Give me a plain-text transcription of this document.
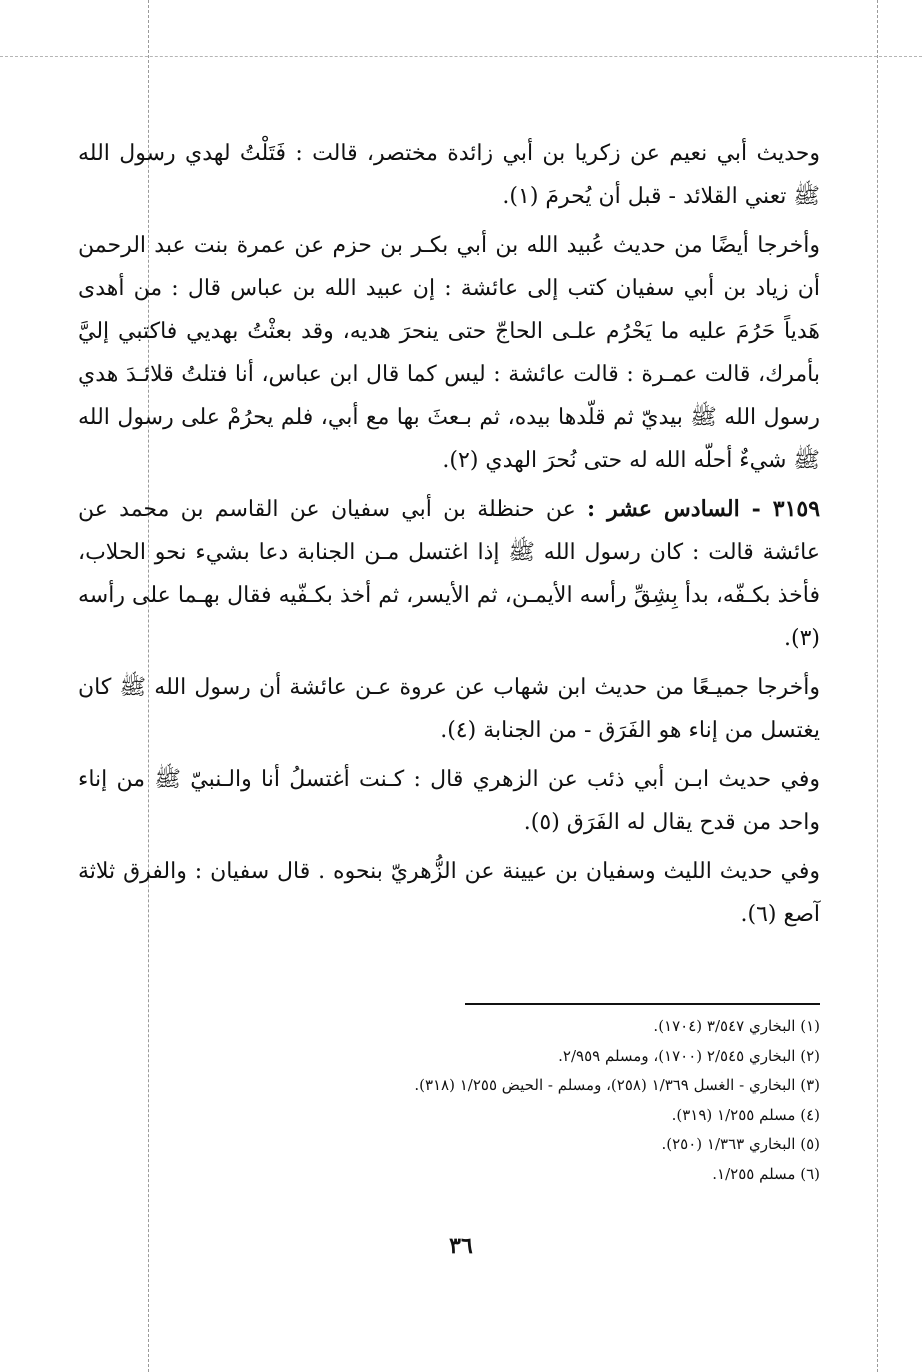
وحديث أبي نعيم عن زكريا بن أبي زائدة مختصر، قالت : فَتَلْتُ لهدي رسول الله ﷺ تعني القلائد - قبل أن يُحرمَ (١).

وأخرجا أيضًا من حديث عُبيد الله بن أبي بكـر بن حزم عن عمرة بنت عبد الرحمن أن زياد بن أبي سفيان كتب إلى عائشة : إن عبيد الله بن عباس قال : من أهدى هَدياً حَرُمَ عليه ما يَحْرُم علـى الحاجّ حتى ينحرَ هديه، وقد بعثْتُ بهديي فاكتبي إليَّ بأمرك، قالت عمـرة : قالت عائشة : ليس كما قال ابن عباس، أنا فتلتُ قلائـدَ هدي رسول الله ﷺ بيديّ ثم قلّدها بيده، ثم بـعثَ بها مع أبي، فلم يحرُمْ على رسول الله ﷺ شيءٌ أحلّه الله له حتى نُحرَ الهدي (٢).

٣١٥٩ - السادس عشر : عن حنظلة بن أبي سفيان عن القاسم بن محمد عن عائشة قالت : كان رسول الله ﷺ إذا اغتسل مـن الجنابة دعا بشيء نحو الحلاب، فأخذ بكـفّه، بدأ بِشِقِّ رأسه الأيمـن، ثم الأيسر، ثم أخذ بكـفّيه فقال بهـما على رأسه (٣).

وأخرجا جميـعًا من حديث ابن شهاب عن عروة عـن عائشة أن رسول الله ﷺ كان يغتسل من إناء هو الفَرَق - من الجنابة (٤).

وفي حديث ابـن أبي ذئب عن الزهري قال : كـنت أغتسلُ أنا والـنبيّ ﷺ من إناء واحد من قدح يقال له الفَرَق (٥).

وفي حديث الليث وسفيان بن عيينة عن الزُّهريّ بنحوه . قال سفيان : والفرق ثلاثة آصع (٦).

(١) البخاري ٣/٥٤٧ (١٧٠٤).

(٢) البخاري ٢/٥٤٥ (١٧٠٠)، ومسلم ٢/٩٥٩.

(٣) البخاري - الغسل ١/٣٦٩ (٢٥٨)، ومسلم - الحيض ١/٢٥٥ (٣١٨).

(٤) مسلم ١/٢٥٥ (٣١٩).

(٥) البخاري ١/٣٦٣ (٢٥٠).

(٦) مسلم ١/٢٥٥.

٣٦
